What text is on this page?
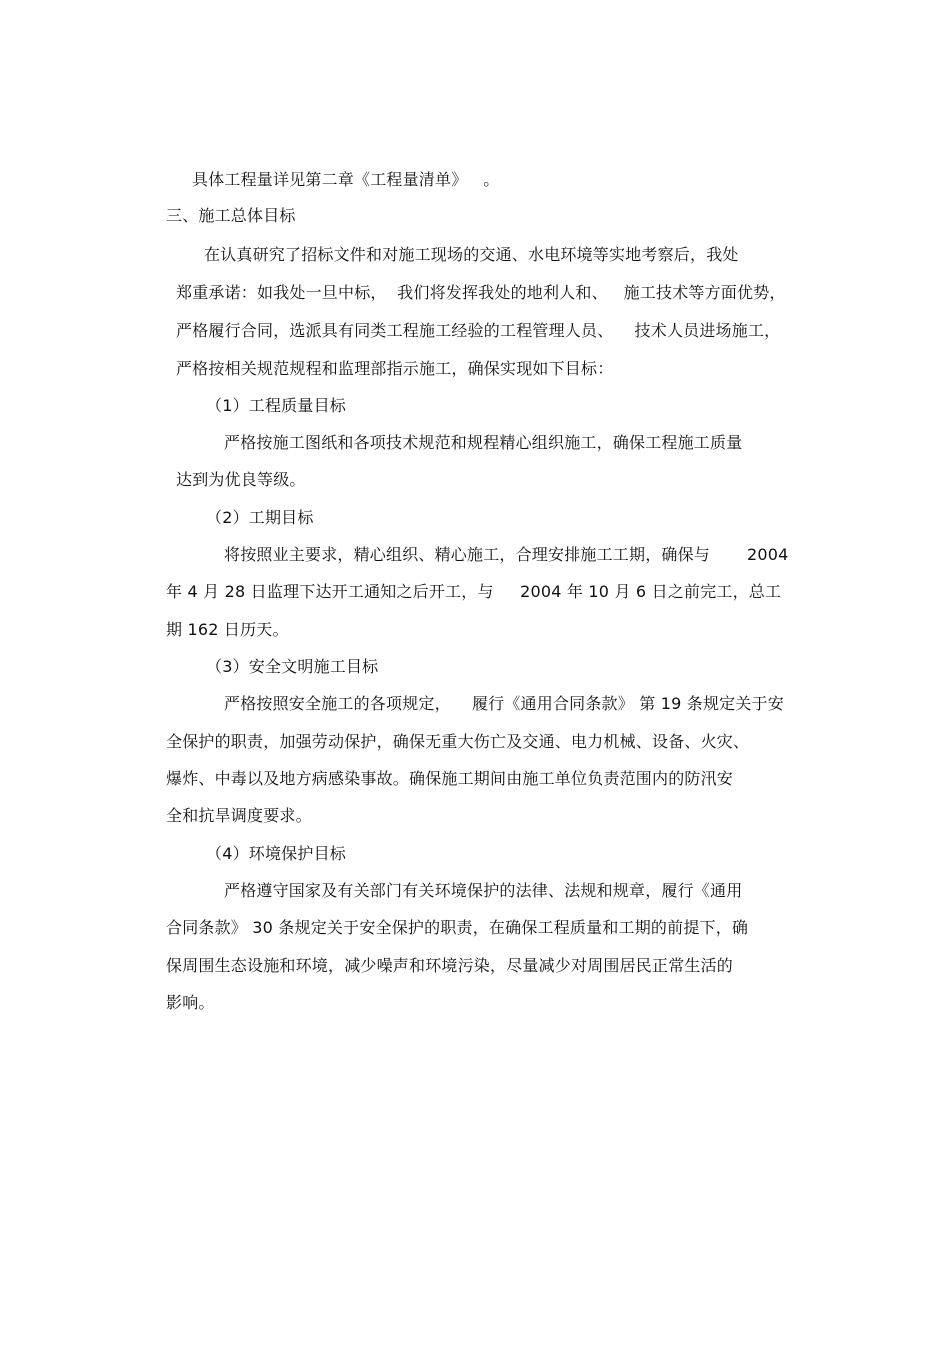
具体工程量详见第二章《工程量清单》   。
三、施工总体目标
在认真研究了招标文件和对施工现场的交通、水电环境等实地考察后，我处
郑重承诺：如我处一旦中标，  我们将发挥我处的地利人和、   施工技术等方面优势，
严格履行合同，选派具有同类工程施工经验的工程管理人员、    技术人员进场施工，
严格按相关规范规程和监理部指示施工，确保实现如下目标：
（1）工程质量目标
严格按施工图纸和各项技术规范和规程精心组织施工，确保工程施工质量
达到为优良等级。
（2）工期目标
将按照业主要求，精心组织、精心施工，合理安排施工工期，确保与       2004
年 4 月 28 日监理下达开工通知之后开工，与     2004 年 10 月 6 日之前完工，总工
期 162 日历天。
（3）安全文明施工目标
严格按照安全施工的各项规定，    履行《通用合同条款》 第 19 条规定关于安
全保护的职责，加强劳动保护，确保无重大伤亡及交通、电力机械、设备、火灾、
爆炸、中毒以及地方病感染事故。确保施工期间由施工单位负责范围内的防汛安
全和抗旱调度要求。
（4）环境保护目标
严格遵守国家及有关部门有关环境保护的法律、法规和规章，履行《通用
合同条款》 30 条规定关于安全保护的职责，在确保工程质量和工期的前提下，确
保周围生态设施和环境，减少噪声和环境污染，尽量减少对周围居民正常生活的
影响。
